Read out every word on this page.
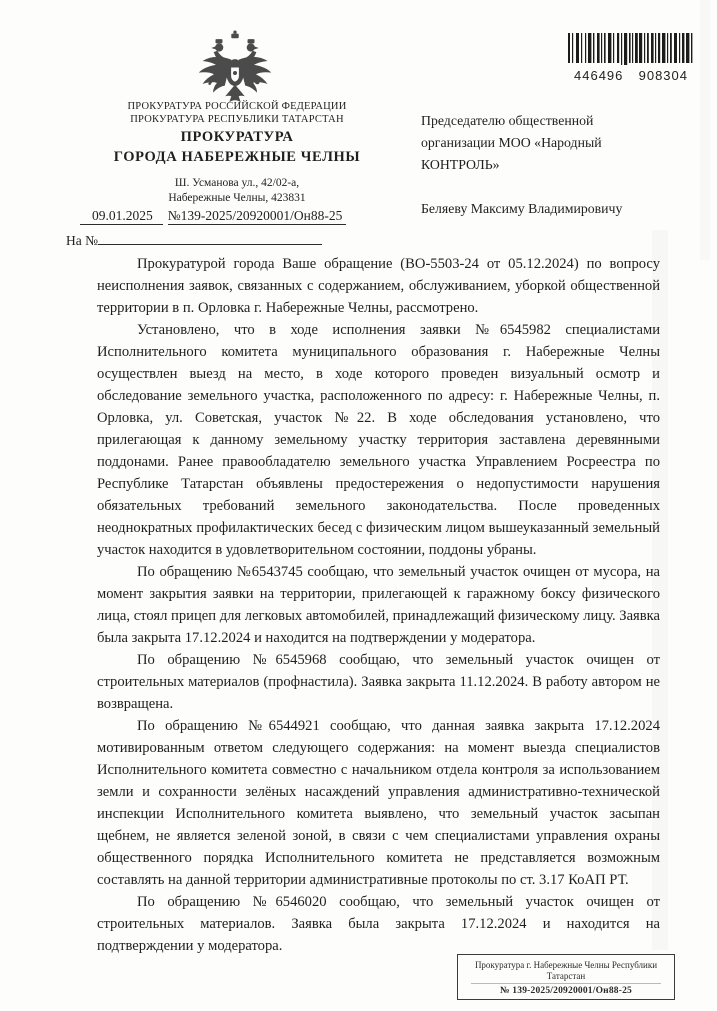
446496 908304
ПРОКУРАТУРА РОССИЙСКОЙ ФЕДЕРАЦИИ
ПРОКУРАТУРА РЕСПУБЛИКИ ТАТАРСТАН
ПРОКУРАТУРА
ГОРОДА НАБЕРЕЖНЫЕ ЧЕЛНЫ
Ш. Усманова ул., 42/02-а,
Набережные Челны, 423831
Председателю общественной
организации МОО «Народный
КОНТРОЛЬ»
Беляеву Максиму Владимировичу
09.01.2025 №139-2025/20920001/Он88-25
На №

Прокуратурой города Ваше обращение (ВО-5503-24 от 05.12.2024) по вопросу неисполнения заявок, связанных с содержанием, обслуживанием, уборкой общественной территории в п. Орловка г. Набережные Челны, рассмотрено.

Установлено, что в ходе исполнения заявки №6545982 специалистами Исполнительного комитета муниципального образования г. Набережные Челны осуществлен выезд на место, в ходе которого проведен визуальный осмотр и обследование земельного участка, расположенного по адресу: г. Набережные Челны, п. Орловка, ул. Советская, участок №22. В ходе обследования установлено, что прилегающая к данному земельному участку территория заставлена деревянными поддонами. Ранее правообладателю земельного участка Управлением Росреестра по Республике Татарстан объявлены предостережения о недопустимости нарушения обязательных требований земельного законодательства. После проведенных неоднократных профилактических бесед с физическим лицом вышеуказанный земельный участок находится в удовлетворительном состоянии, поддоны убраны.

По обращению №6543745 сообщаю, что земельный участок очищен от мусора, на момент закрытия заявки на территории, прилегающей к гаражному боксу физического лица, стоял прицеп для легковых автомобилей, принадлежащий физическому лицу. Заявка была закрыта 17.12.2024 и находится на подтверждении у модератора.

По обращению №6545968 сообщаю, что земельный участок очищен от строительных материалов (профнастила). Заявка закрыта 11.12.2024. В работу автором не возвращена.

По обращению №6544921 сообщаю, что данная заявка закрыта 17.12.2024 мотивированным ответом следующего содержания: на момент выезда специалистов Исполнительного комитета совместно с начальником отдела контроля за использованием земли и сохранности зелёных насаждений управления административно-технической инспекции Исполнительного комитета выявлено, что земельный участок засыпан щебнем, не является зеленой зоной, в связи с чем специалистами управления охраны общественного порядка Исполнительного комитета не представляется возможным составлять на данной территории административные протоколы по ст. 3.17 КоАП РТ.

По обращению №6546020 сообщаю, что земельный участок очищен от строительных материалов. Заявка была закрыта 17.12.2024 и находится на подтверждении у модератора.

Прокуратура г. Набережные Челны Республики
Татарстан
№ 139-2025/20920001/Он88-25
